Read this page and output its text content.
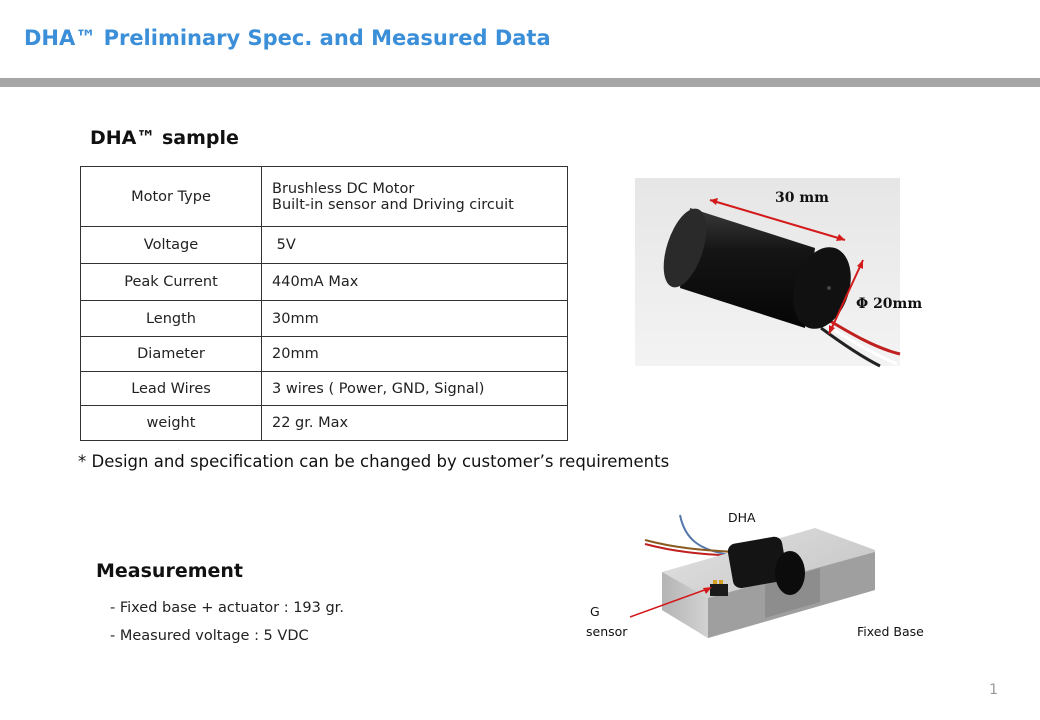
DHA™ Preliminary Spec. and Measured Data
DHA™ sample
Motor Type	Brushless DC Motor
Built-in sensor and Driving circuit

Voltage	5V
Peak Current	440mA Max
Length	30mm
Diameter	20mm
Lead Wires	3 wires ( Power, GND, Signal)
weight	22 gr. Max
* Design and specification can be changed by customer’s requirements
30 mm
Φ 20mm
Measurement
- Fixed base + actuator : 193 gr.
- Measured voltage : 5 VDC
DHA
G
sensor	Fixed Base
1
